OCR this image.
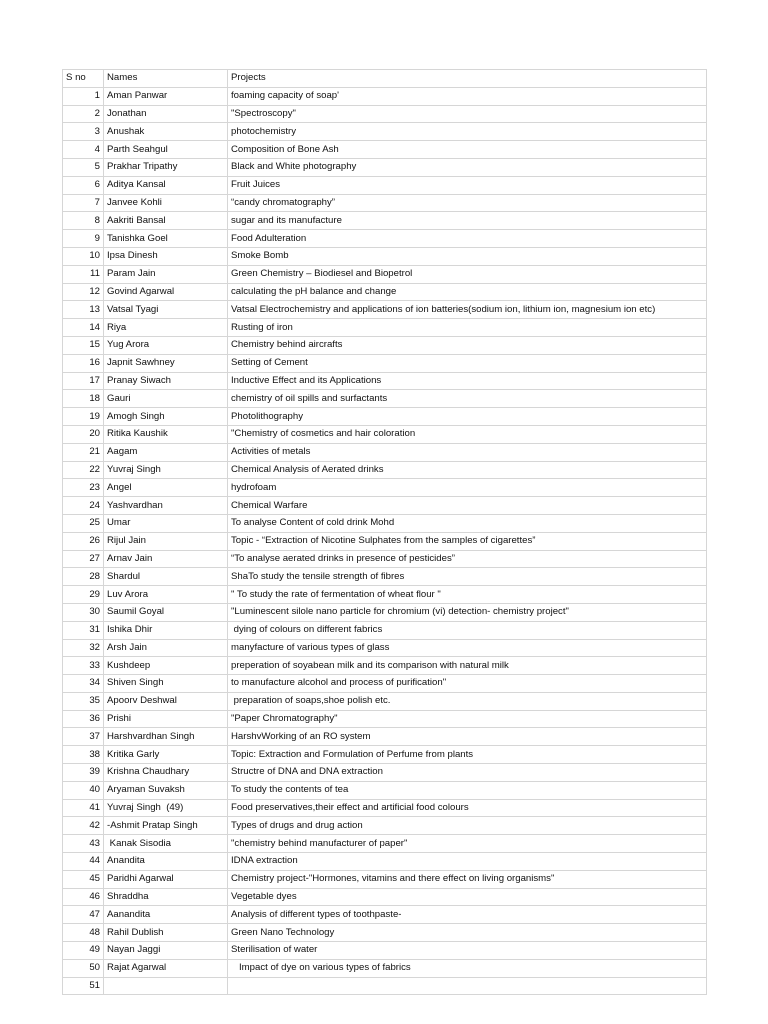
S no	Names	Projects
1	Aman Panwar	foaming capacity of soap'
2	Jonathan	"Spectroscopy"
3	Anushak	photochemistry
4	Parth Seahgul	Composition of Bone Ash
5	Prakhar Tripathy	Black and White photography
6	Aditya Kansal	Fruit Juices
7	Janvee Kohli	“candy chromatography”
8	Aakriti Bansal	sugar and its manufacture
9	Tanishka Goel	Food Adulteration
10	Ipsa Dinesh	Smoke Bomb
11	Param Jain	Green Chemistry – Biodiesel and Biopetrol
12	Govind Agarwal	calculating the pH balance and change
13	Vatsal Tyagi	Vatsal Electrochemistry and applications of ion batteries(sodium ion, lithium ion, magnesium ion etc)
14	Riya	Rusting of iron
15	Yug Arora	Chemistry behind aircrafts
16	Japnit Sawhney	Setting of Cement
17	Pranay Siwach	Inductive Effect and its Applications
18	Gauri	chemistry of oil spills and surfactants
19	Amogh Singh	Photolithography
20	Ritika Kaushik	"Chemistry of cosmetics and hair coloration
21	Aagam	Activities of metals
22	Yuvraj Singh	Chemical Analysis of Aerated drinks
23	Angel	hydrofoam
24	Yashvardhan	Chemical Warfare
25	Umar	To analyse Content of cold drink Mohd
26	Rijul Jain	Topic - “Extraction of Nicotine Sulphates from the samples of cigarettes”
27	Arnav Jain	“To analyse aerated drinks in presence of pesticides”
28	Shardul	ShaTo study the tensile strength of fibres
29	Luv Arora	" To study the rate of fermentation of wheat flour "
30	Saumil Goyal	"Luminescent silole nano particle for chromium (vi) detection- chemistry project"
31	Ishika Dhir	dying of colours on different fabrics
32	Arsh Jain	manyfacture of various types of glass
33	Kushdeep	preperation of soyabean milk and its comparison with natural milk
34	Shiven Singh	to manufacture alcohol and process of purification"
35	Apoorv Deshwal	preparation of soaps,shoe polish etc.
36	Prishi	"Paper Chromatography"
37	Harshvardhan Singh	HarshvWorking of an RO system
38	Kritika Garly	Topic: Extraction and Formulation of Perfume from plants
39	Krishna Chaudhary	Structre of DNA and DNA extraction
40	Aryaman Suvaksh	To study the contents of tea
41	Yuvraj Singh  (49)	Food preservatives,their effect and artificial food colours
42	-Ashmit Pratap Singh	Types of drugs and drug action
43	Kanak Sisodia	"chemistry behind manufacturer of paper"
44	Anandita	IDNA extraction
45	Paridhi Agarwal	Chemistry project-"Hormones, vitamins and there effect on living organisms"
46	Shraddha	Vegetable dyes
47	Aanandita	Analysis of different types of toothpaste-
48	Rahil Dublish	Green Nano Technology
49	Nayan Jaggi	Sterilisation of water
50	Rajat Agarwal	Impact of dye on various types of fabrics
51		
